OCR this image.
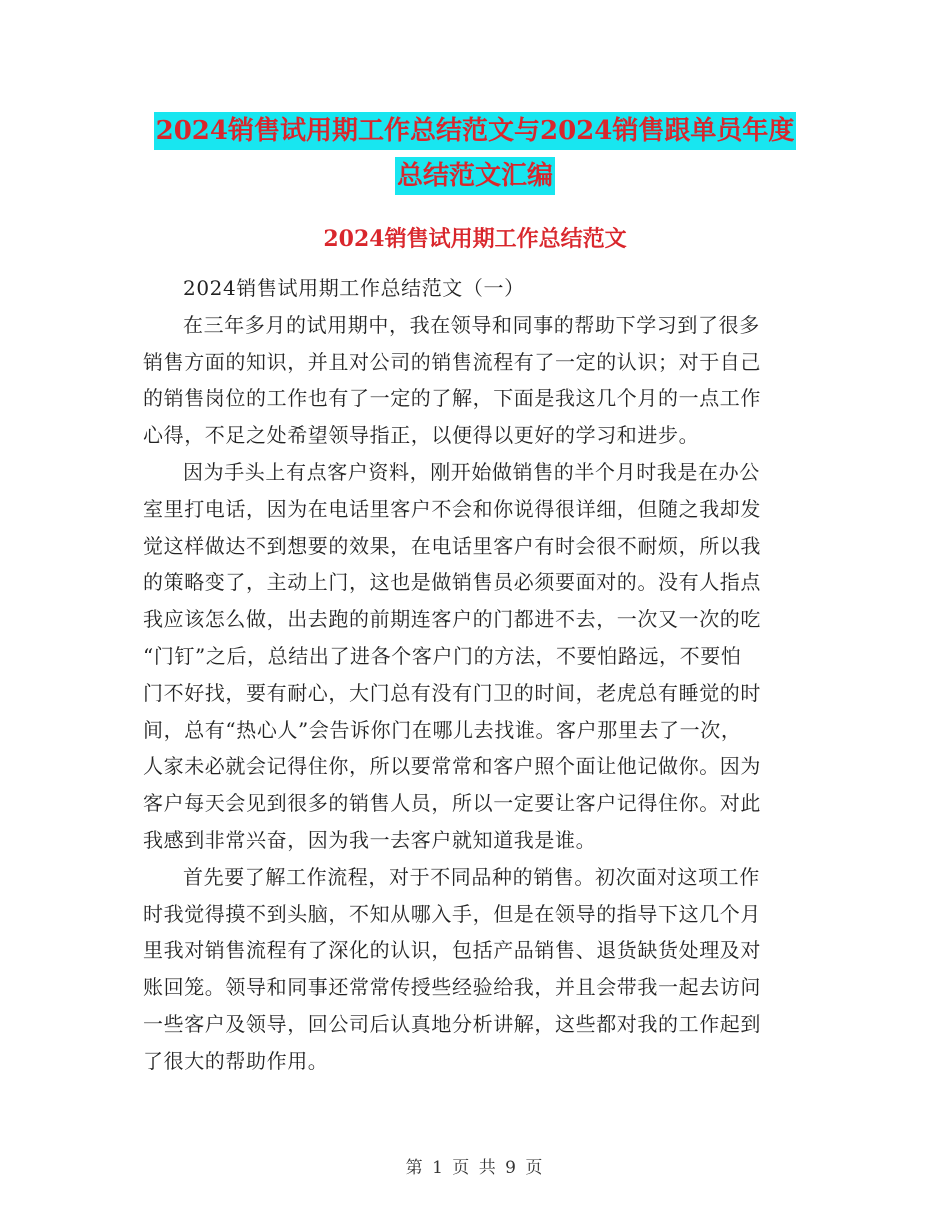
2024销售试用期工作总结范文与2024销售跟单员年度
总结范文汇编
2024销售试用期工作总结范文

2024销售试用期工作总结范文（一）

在三年多月的试用期中，我在领导和同事的帮助下学习到了很多
销售方面的知识，并且对公司的销售流程有了一定的认识；对于自己
的销售岗位的工作也有了一定的了解，下面是我这几个月的一点工作
心得，不足之处希望领导指正，以便得以更好的学习和进步。

因为手头上有点客户资料，刚开始做销售的半个月时我是在办公
室里打电话，因为在电话里客户不会和你说得很详细，但随之我却发
觉这样做达不到想要的效果，在电话里客户有时会很不耐烦，所以我
的策略变了，主动上门，这也是做销售员必须要面对的。没有人指点
我应该怎么做，出去跑的前期连客户的门都进不去，一次又一次的吃
“门钉”之后，总结出了进各个客户门的方法，不要怕路远，不要怕
门不好找，要有耐心，大门总有没有门卫的时间，老虎总有睡觉的时
间，总有“热心人”会告诉你门在哪儿去找谁。客户那里去了一次，
人家未必就会记得住你，所以要常常和客户照个面让他记做你。因为
客户每天会见到很多的销售人员，所以一定要让客户记得住你。对此
我感到非常兴奋，因为我一去客户就知道我是谁。

首先要了解工作流程，对于不同品种的销售。初次面对这项工作
时我觉得摸不到头脑，不知从哪入手，但是在领导的指导下这几个月
里我对销售流程有了深化的认识，包括产品销售、退货缺货处理及对
账回笼。领导和同事还常常传授些经验给我，并且会带我一起去访问
一些客户及领导，回公司后认真地分析讲解，这些都对我的工作起到
了很大的帮助作用。

第 1 页 共 9 页
